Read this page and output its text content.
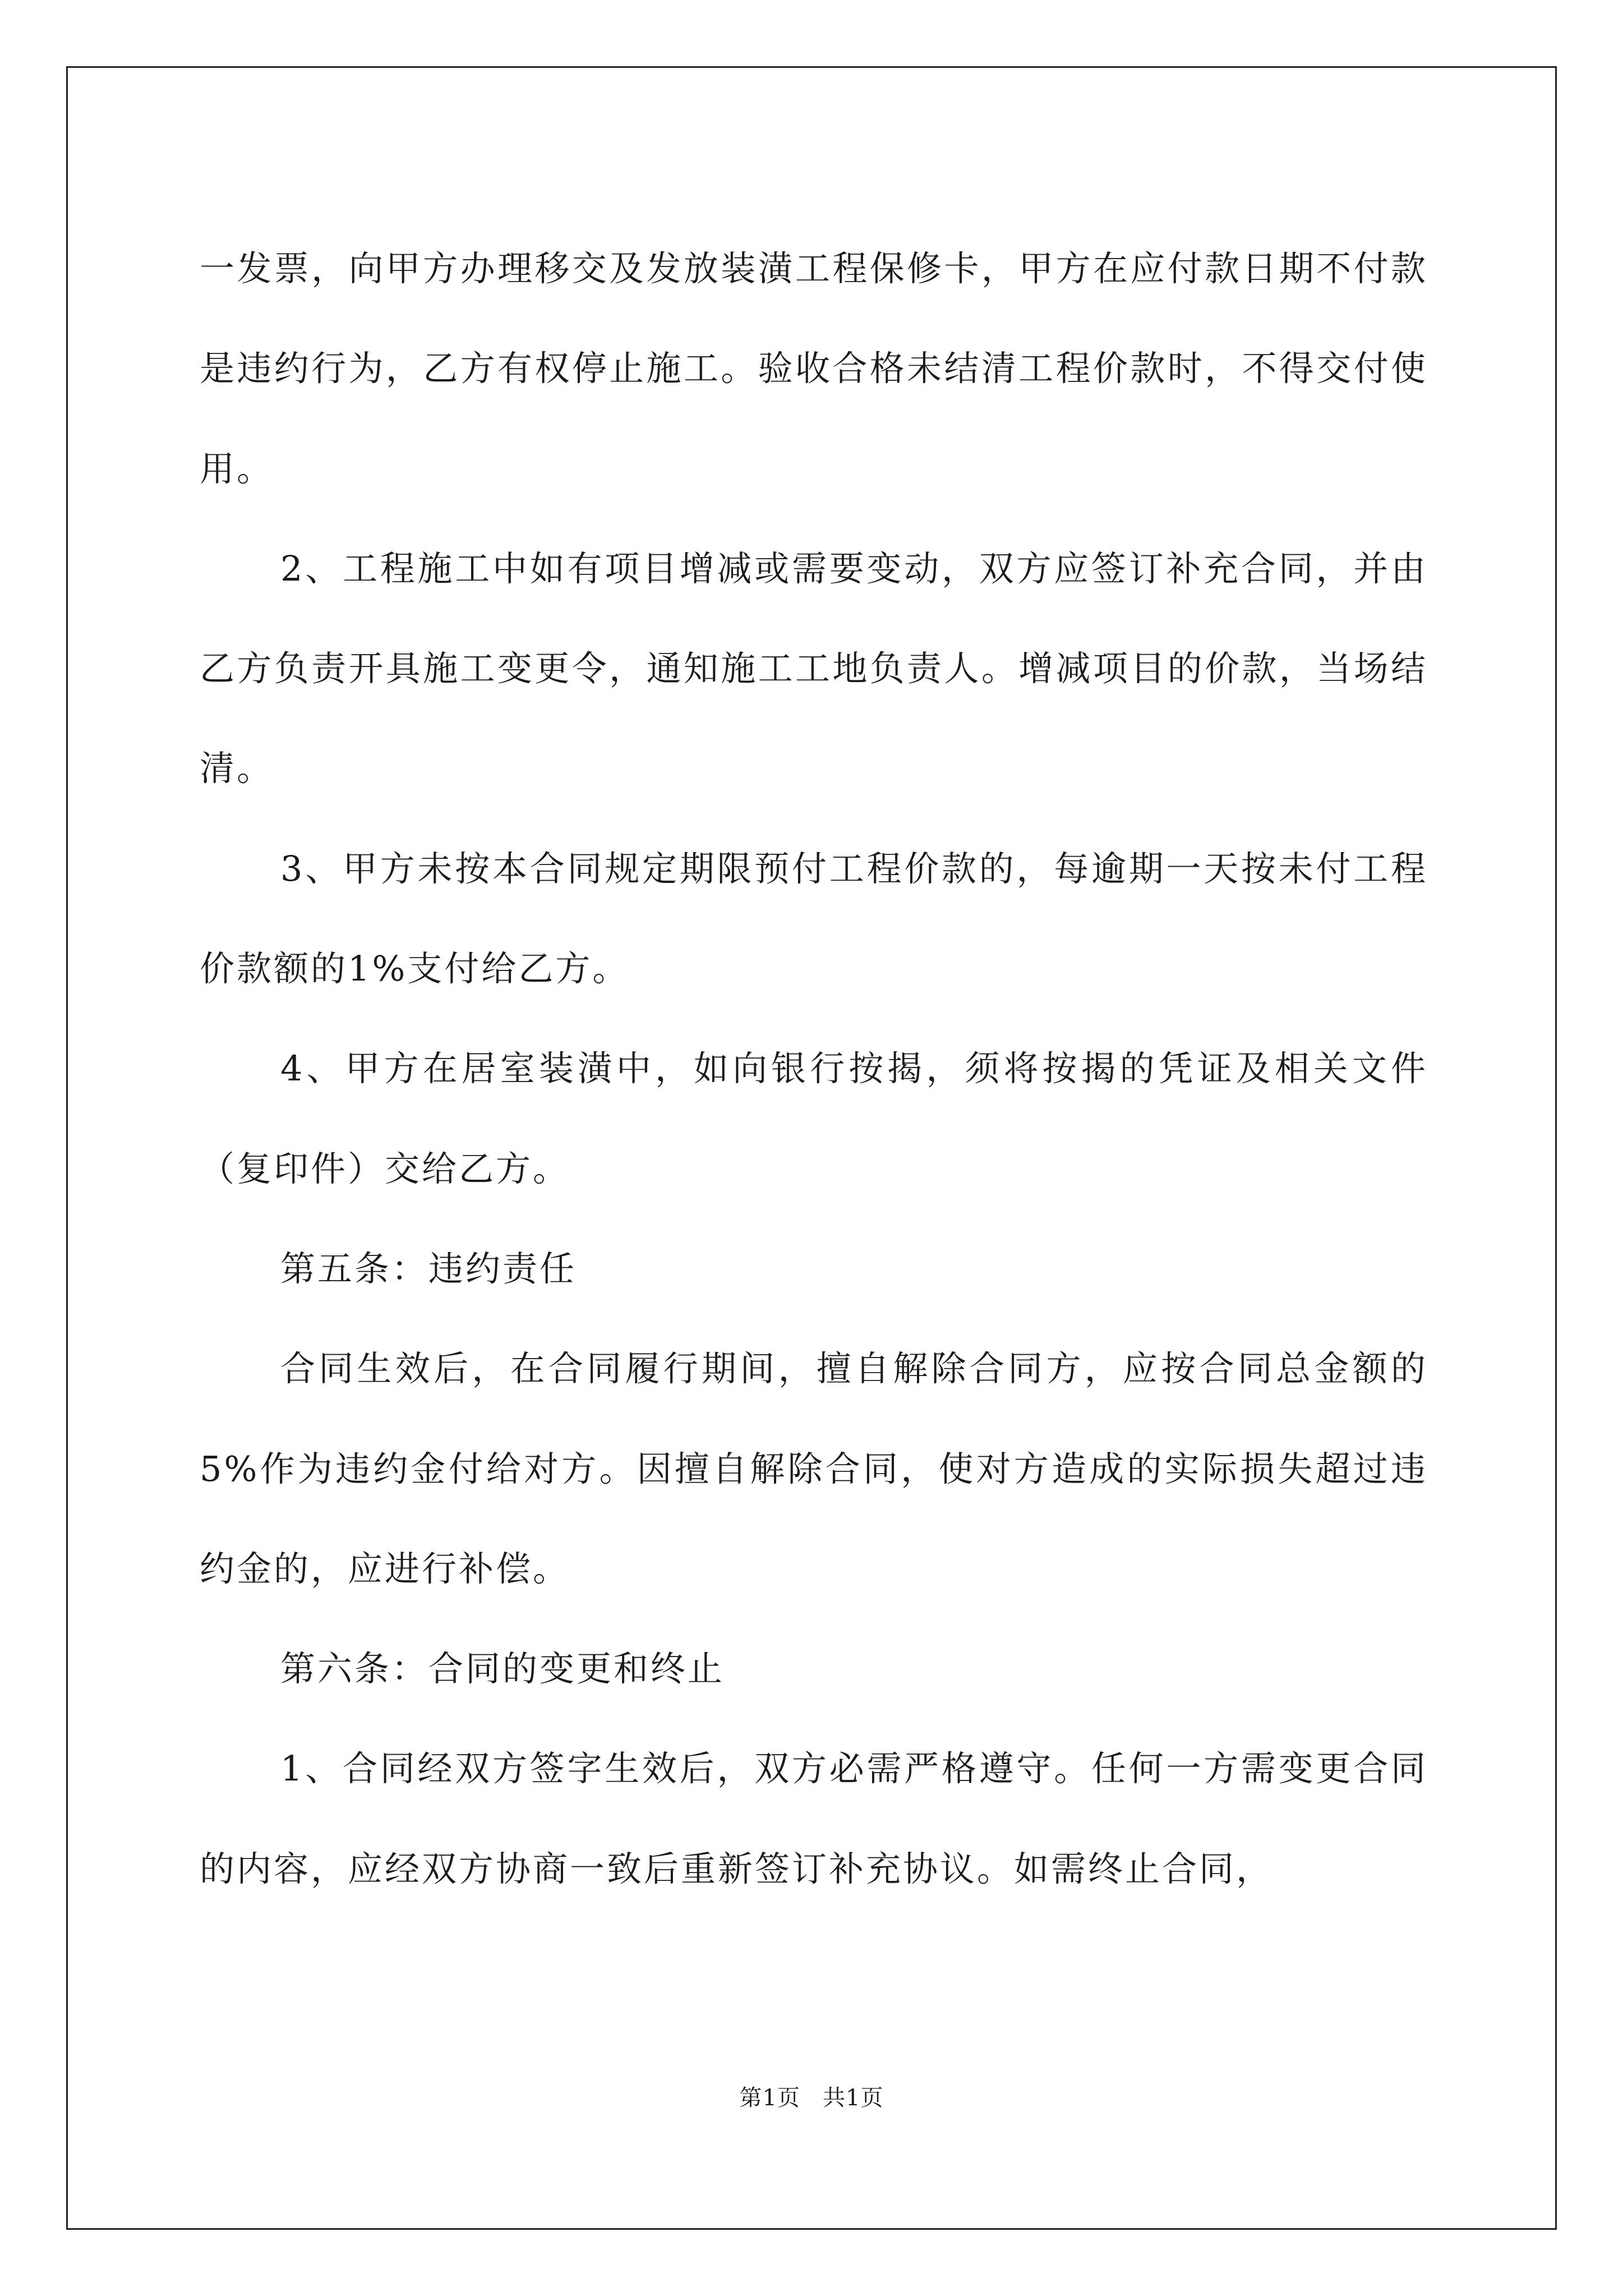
一发票，向甲方办理移交及发放装潢工程保修卡，甲方在应付款日期不付款是违约行为，乙方有权停止施工。验收合格未结清工程价款时，不得交付使用。

2、工程施工中如有项目增减或需要变动，双方应签订补充合同，并由乙方负责开具施工变更令，通知施工工地负责人。增减项目的价款，当场结清。

3、甲方未按本合同规定期限预付工程价款的，每逾期一天按未付工程价款额的1%支付给乙方。

4、甲方在居室装潢中，如向银行按揭，须将按揭的凭证及相关文件（复印件）交给乙方。

第五条：违约责任

合同生效后，在合同履行期间，擅自解除合同方，应按合同总金额的5%作为违约金付给对方。因擅自解除合同，使对方造成的实际损失超过违约金的，应进行补偿。

第六条：合同的变更和终止

1、合同经双方签字生效后，双方必需严格遵守。任何一方需变更合同的内容，应经双方协商一致后重新签订补充协议。如需终止合同，

第1页 共1页
